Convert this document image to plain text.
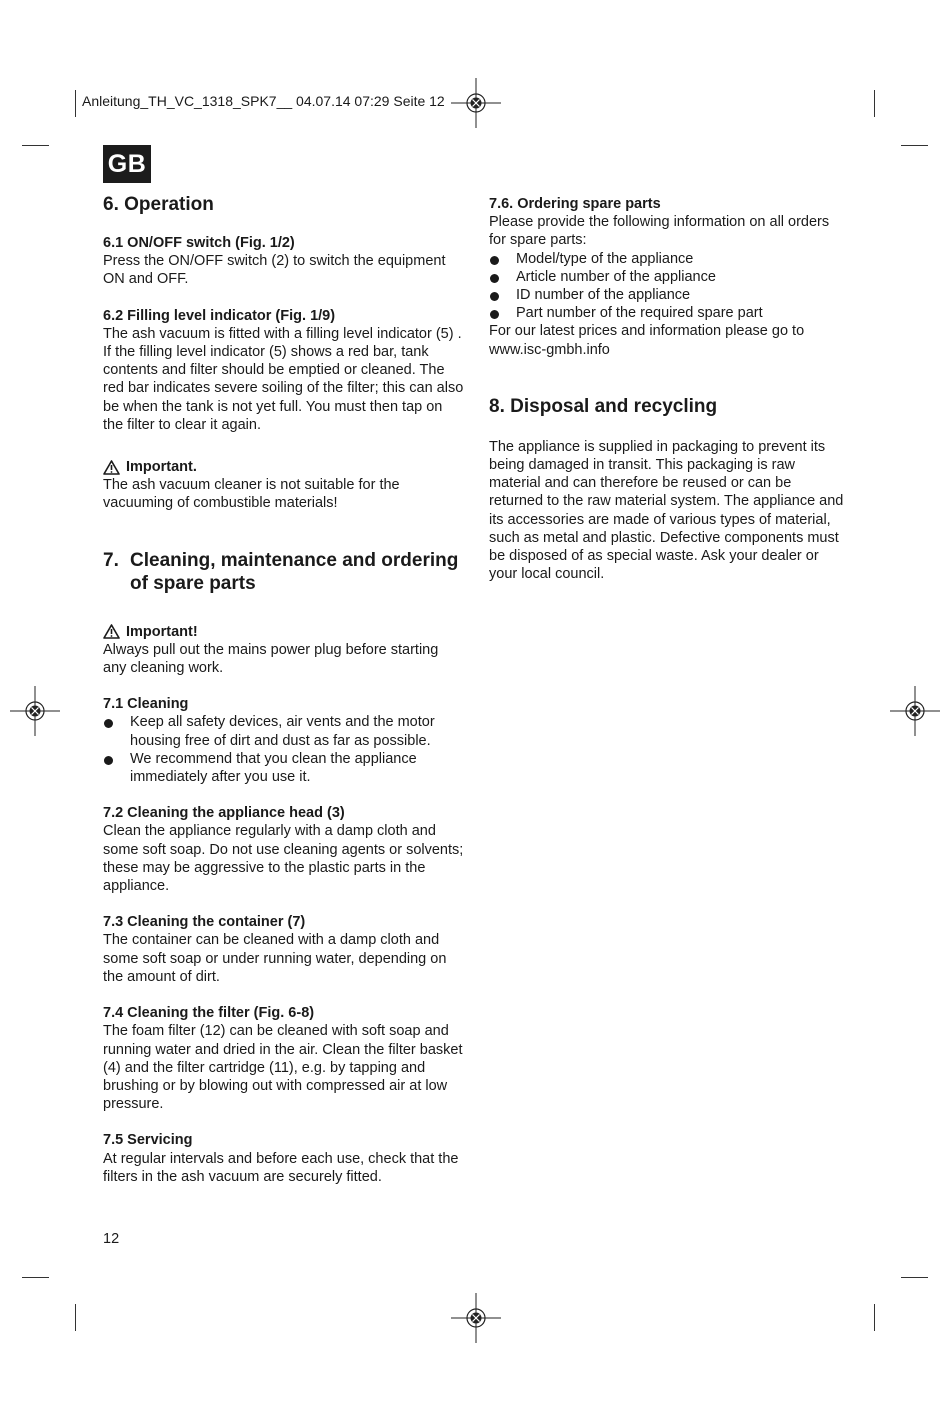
Anleitung_TH_VC_1318_SPK7__ 04.07.14 07:29 Seite 12
GB
6.
Operation
6.1 ON/OFF switch (Fig. 1/2)

Press the ON/OFF switch (2) to switch the equipment ON and OFF.

6.2 Filling level indicator (Fig. 1/9)

The ash vacuum is fitted with a filling level indicator (5) . If the filling level indicator (5) shows a red bar, tank contents and filter should be emptied or cleaned. The red bar indicates severe soiling of the filter; this can also be when the tank is not yet full. You must then tap on the filter to clear it again.

Important.

The ash vacuum cleaner is not suitable for the vacuuming of combustible materials!

7. Cleaning, maintenance and ordering of spare parts
Important!

Always pull out the mains power plug before starting any cleaning work.

7.1 Cleaning
Keep all safety devices, air vents and the motor housing free of dirt and dust as far as possible.
We recommend that you clean the appliance immediately after you use it.
7.2 Cleaning the appliance head (3)

Clean the appliance regularly with a damp cloth and some soft soap. Do not use cleaning agents or solvents; these may be aggressive to the plastic parts in the appliance.

7.3 Cleaning the container (7)

The container can be cleaned with a damp cloth and some soft soap or under running water, depending on the amount of dirt.

7.4 Cleaning the filter (Fig. 6-8)

The foam filter (12) can be cleaned with soft soap and running water and dried in the air. Clean the filter basket (4) and the filter cartridge (11), e.g. by tapping and brushing or by blowing out with compressed air at low pressure.

7.5 Servicing

At regular intervals and before each use, check that the filters in the ash vacuum are securely fitted.

7.6. Ordering spare parts

Please provide the following information on all orders for spare parts:

Model/type of the appliance
Article number of the appliance
ID number of the appliance
Part number of the required spare part

For our latest prices and information please go to www.isc-gmbh.info

8.
Disposal and recycling

The appliance is supplied in packaging to prevent its being damaged in transit. This packaging is raw material and can therefore be reused or can be returned to the raw material system. The appliance and its accessories are made of various types of material, such as metal and plastic. Defective components must be disposed of as special waste. Ask your dealer or your local council.

12
